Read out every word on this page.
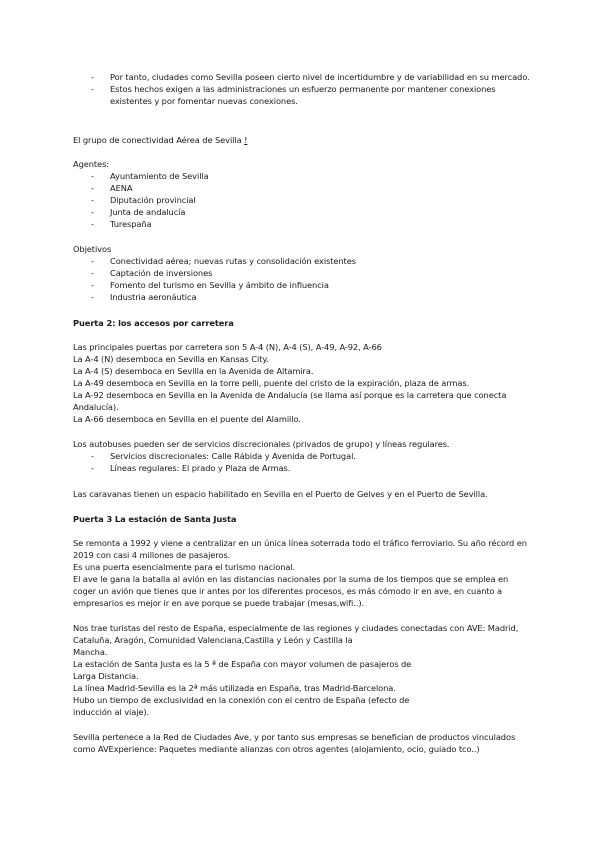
- Por tanto, ciudades como Sevilla poseen cierto nivel de incertidumbre y de variabilidad en su mercado.
- Estos hechos exigen a las administraciones un esfuerzo permanente por mantener conexiones existentes y por fomentar nuevas conexiones.

El grupo de conectividad Aérea de Sevilla !

Agentes:

- Ayuntamiento de Sevilla
- AENA
- Diputación provincial
- Junta de andalucía
- Turespaña

Objetivos

- Conectividad aérea; nuevas rutas y consolidación existentes
- Captación de inversiones
- Fomento del turismo en Sevilla y ámbito de influencia
- Industria aeronáutica

Puerta 2: los accesos por carretera

Las principales puertas por carretera son 5 A-4 (N), A-4 (S), A-49, A-92, A-66

La A-4 (N) desemboca en Sevilla en Kansas City.

La A-4 (S) desemboca en Sevilla en la Avenida de Altamira.

La A-49 desemboca en Sevilla en la torre pelli, puente del cristo de la expiración, plaza de armas.

La A-92 desemboca en Sevilla en la Avenida de Andalucía (se llama así porque es la carretera que conecta Andalucía).

La A-66 desemboca en Sevilla en el puente del Alamillo.

Los autobuses pueden ser de servicios discrecionales (privados de grupo) y líneas regulares.

- Servicios discrecionales: Calle Rábida y Avenida de Portugal.
- Líneas regulares: El prado y Plaza de Armas.

Las caravanas tienen un espacio habilitado en Sevilla en el Puerto de Gelves y en el Puerto de Sevilla.

Puerta 3 La estación de Santa Justa

Se remonta a 1992 y viene a centralizar en un única línea soterrada todo el tráfico ferroviario. Su año récord en 2019 con casi 4 millones de pasajeros.

Es una puerta esencialmente para el turismo nacional.

El ave le gana la batalla al avión en las distancias nacionales por la suma de los tiempos que se emplea en coger un avión que tienes que ir antes por los diferentes procesos, es más cómodo ir en ave, en cuanto a empresarios es mejor ir en ave porque se puede trabajar (mesas,wifi..).

Nos trae turistas del resto de España, especialmente de las regiones y ciudades conectadas con AVE: Madrid, Cataluña, Aragón, Comunidad Valenciana,Castilla y León y Castilla la

Mancha.

La estación de Santa Justa es la 5 ª de España con mayor volumen de pasajeros de

Larga Distancia.

La línea Madrid-Sevilla es la 2ª más utilizada en España, tras Madrid-Barcelona.

Hubo un tiempo de exclusividad en la conexión con el centro de España (efecto de

inducción al viaje).

Sevilla pertenece a la Red de Ciudades Ave, y por tanto sus empresas se benefician de productos vinculados como AVExperience: Paquetes mediante alianzas con otros agentes (alojamiento, ocio, guiado tco..)
